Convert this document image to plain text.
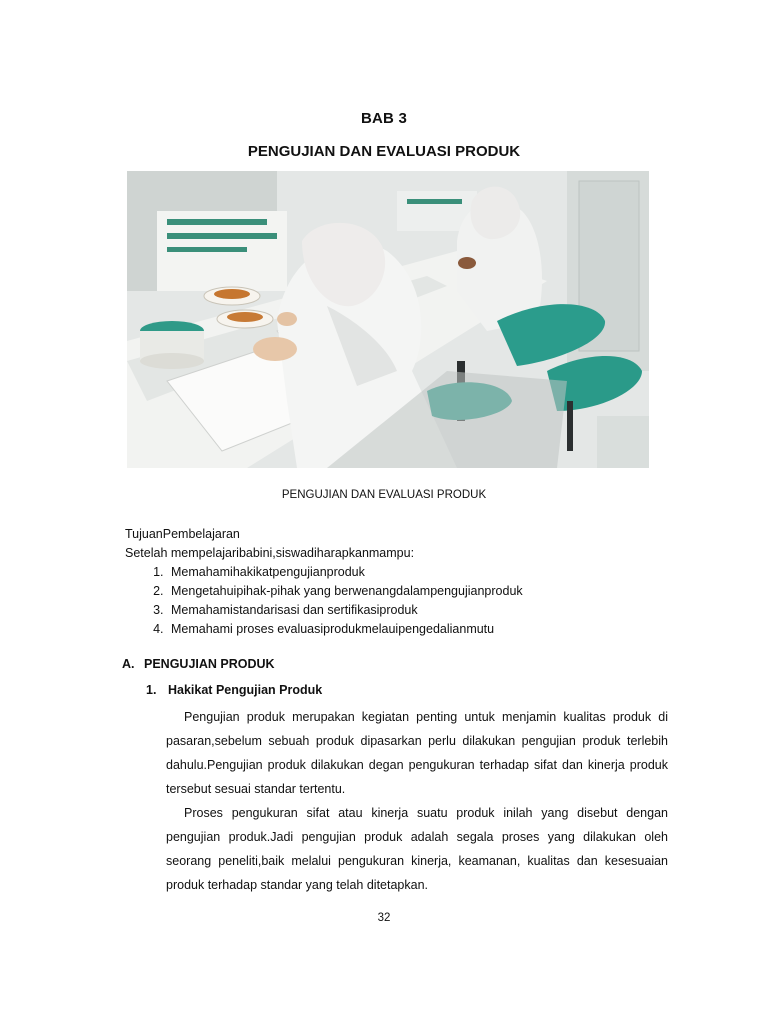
BAB 3
PENGUJIAN DAN EVALUASI PRODUK
PENGUJIAN DAN EVALUASI PRODUK
TujuanPembelajaran
Setelah mempelajaribabini,siswadiharapkanmampu:
1. Memahamihakikatpengujianproduk
2. Mengetahuipihak-pihak yang berwenangdalampengujianproduk
3. Memahamistandarisasi dan sertifikasiproduk
4. Memahami proses evaluasiprodukmelauipengedalianmutu
A. PENGUJIAN PRODUK
1. Hakikat Pengujian Produk

Pengujian produk merupakan kegiatan penting untuk menjamin kualitas produk di pasaran,sebelum sebuah produk dipasarkan perlu dilakukan pengujian produk terlebih dahulu.Pengujian produk dilakukan degan pengukuran terhadap sifat dan kinerja produk tersebut sesuai standar tertentu.

Proses pengukuran sifat atau kinerja suatu produk inilah yang disebut dengan pengujian produk.Jadi pengujian produk adalah segala proses yang dilakukan oleh seorang peneliti,baik melalui pengukuran kinerja, keamanan, kualitas dan kesesuaian produk terhadap standar yang telah ditetapkan.

32
